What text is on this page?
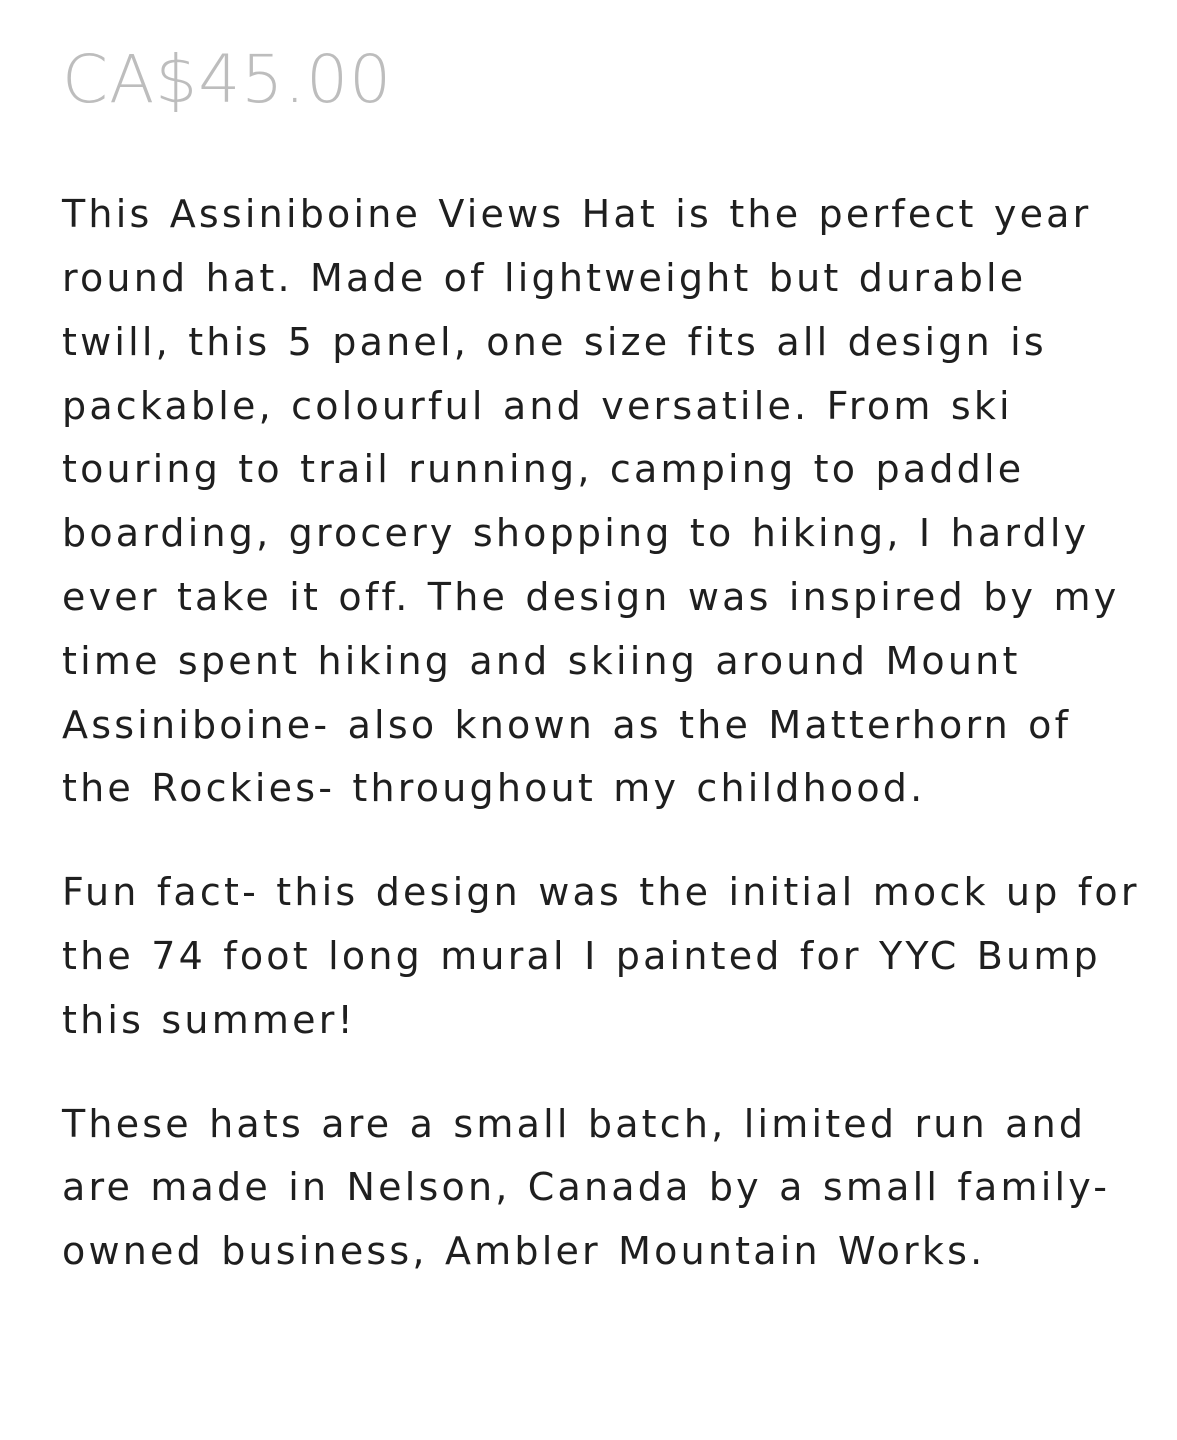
CA$45.00

This Assiniboine Views Hat is the perfect year round hat. Made of lightweight but durable twill, this 5 panel, one size fits all design is packable, colourful and versatile. From ski touring to trail running, camping to paddle boarding, grocery shopping to hiking, I hardly ever take it off. The design was inspired by my time spent hiking and skiing around Mount Assiniboine- also known as the Matterhorn of the Rockies- throughout my childhood.

Fun fact- this design was the initial mock up for the 74 foot long mural I painted for YYC Bump this summer!

These hats are a small batch, limited run and are made in Nelson, Canada by a small family-owned business, Ambler Mountain Works.
